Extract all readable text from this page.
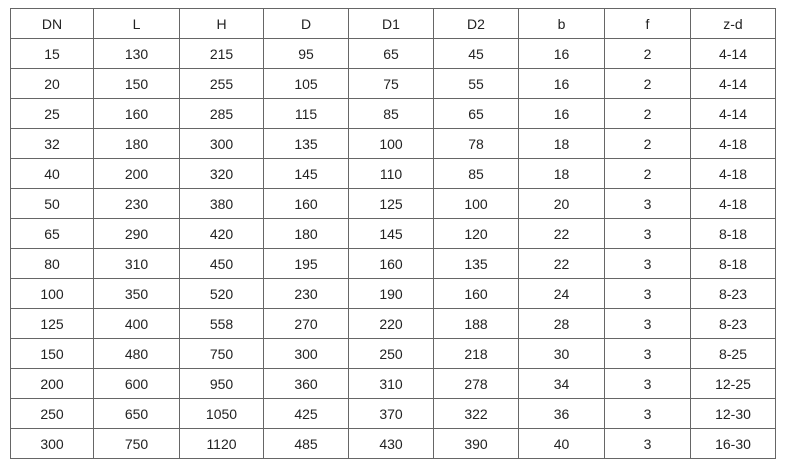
DN	L	H	D	D1	D2	b	f	z-d
15	130	215	95	65	45	16	2	4-14
20	150	255	105	75	55	16	2	4-14
25	160	285	115	85	65	16	2	4-14
32	180	300	135	100	78	18	2	4-18
40	200	320	145	110	85	18	2	4-18
50	230	380	160	125	100	20	3	4-18
65	290	420	180	145	120	22	3	8-18
80	310	450	195	160	135	22	3	8-18
100	350	520	230	190	160	24	3	8-23
125	400	558	270	220	188	28	3	8-23
150	480	750	300	250	218	30	3	8-25
200	600	950	360	310	278	34	3	12-25
250	650	1050	425	370	322	36	3	12-30
300	750	1120	485	430	390	40	3	16-30
